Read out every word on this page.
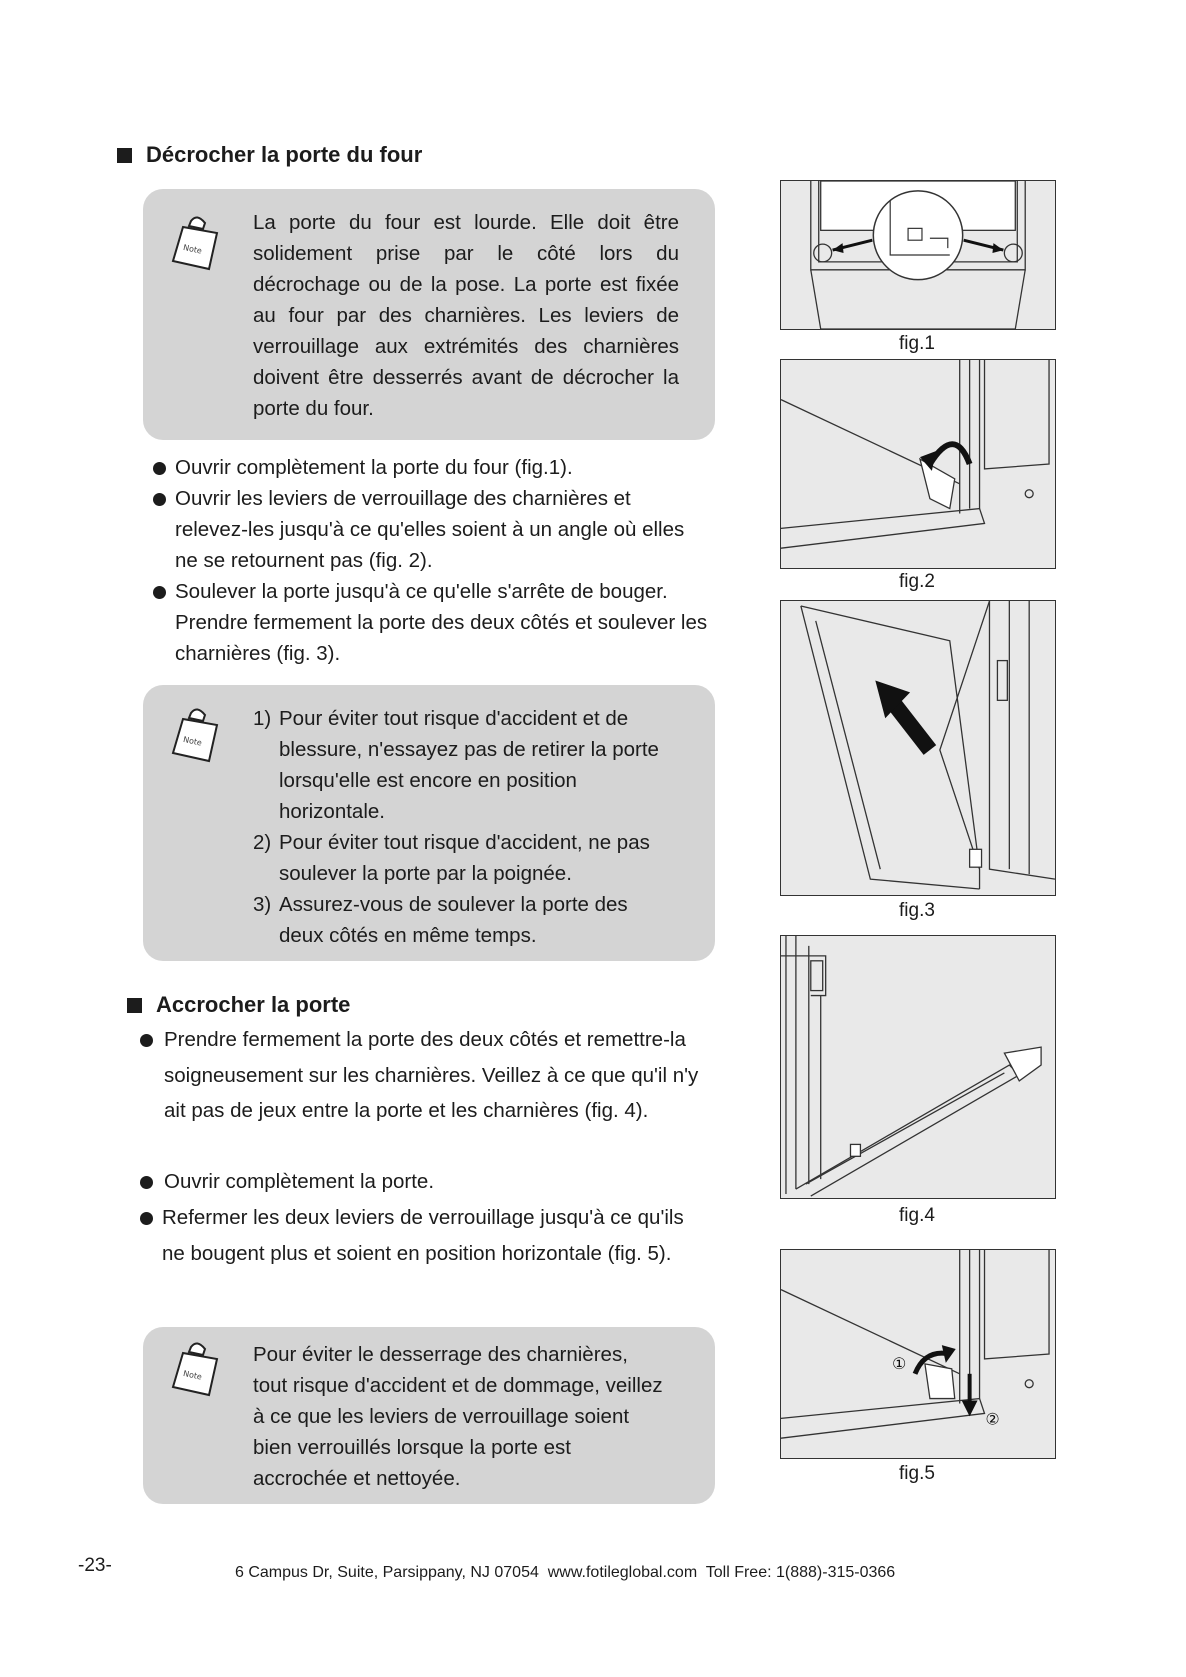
Décrocher la porte du four
Note
La porte du four est lourde. Elle doit être solidement prise par le côté lors du décrochage ou de la pose. La porte est fixée au four par des charnières. Les leviers de verrouillage aux extrémités des charnières doivent être desserrés avant de décrocher la porte du four.
Ouvrir complètement la porte du four (fig.1).
Ouvrir les leviers de verrouillage des charnières et relevez-les jusqu'à ce qu'elles soient à un angle où elles ne se retournent pas (fig. 2).
Soulever la porte jusqu'à ce qu'elle s'arrête de bouger. Prendre fermement la porte des deux côtés et soulever les charnières (fig. 3).
Note
1) Pour éviter tout risque d'accident et de blessure, n'essayez pas de retirer la porte lorsqu'elle est encore en position horizontale.
2) Pour éviter tout risque d'accident, ne pas soulever la porte par la poignée.
3) Assurez-vous de soulever la porte des deux côtés en même temps.
Accrocher la porte
Prendre fermement la porte des deux côtés et remettre-la soigneusement sur les charnières. Veillez à ce que qu'il n'y ait pas de jeux entre la porte et les charnières (fig. 4).
Ouvrir complètement la porte.
Refermer les deux leviers de verrouillage jusqu'à ce qu'ils ne bougent plus et soient en position horizontale (fig. 5).
Note
Pour éviter le desserrage des charnières, tout risque d'accident et de dommage, veillez à ce que les leviers de verrouillage soient bien verrouillés lorsque la porte est accrochée et nettoyée.
fig.1
fig.2
fig.3
fig.4
①
②
fig.5
-23-	6 Campus Dr, Suite, Parsippany, NJ 07054  www.fotileglobal.com  Toll Free: 1(888)-315-0366
